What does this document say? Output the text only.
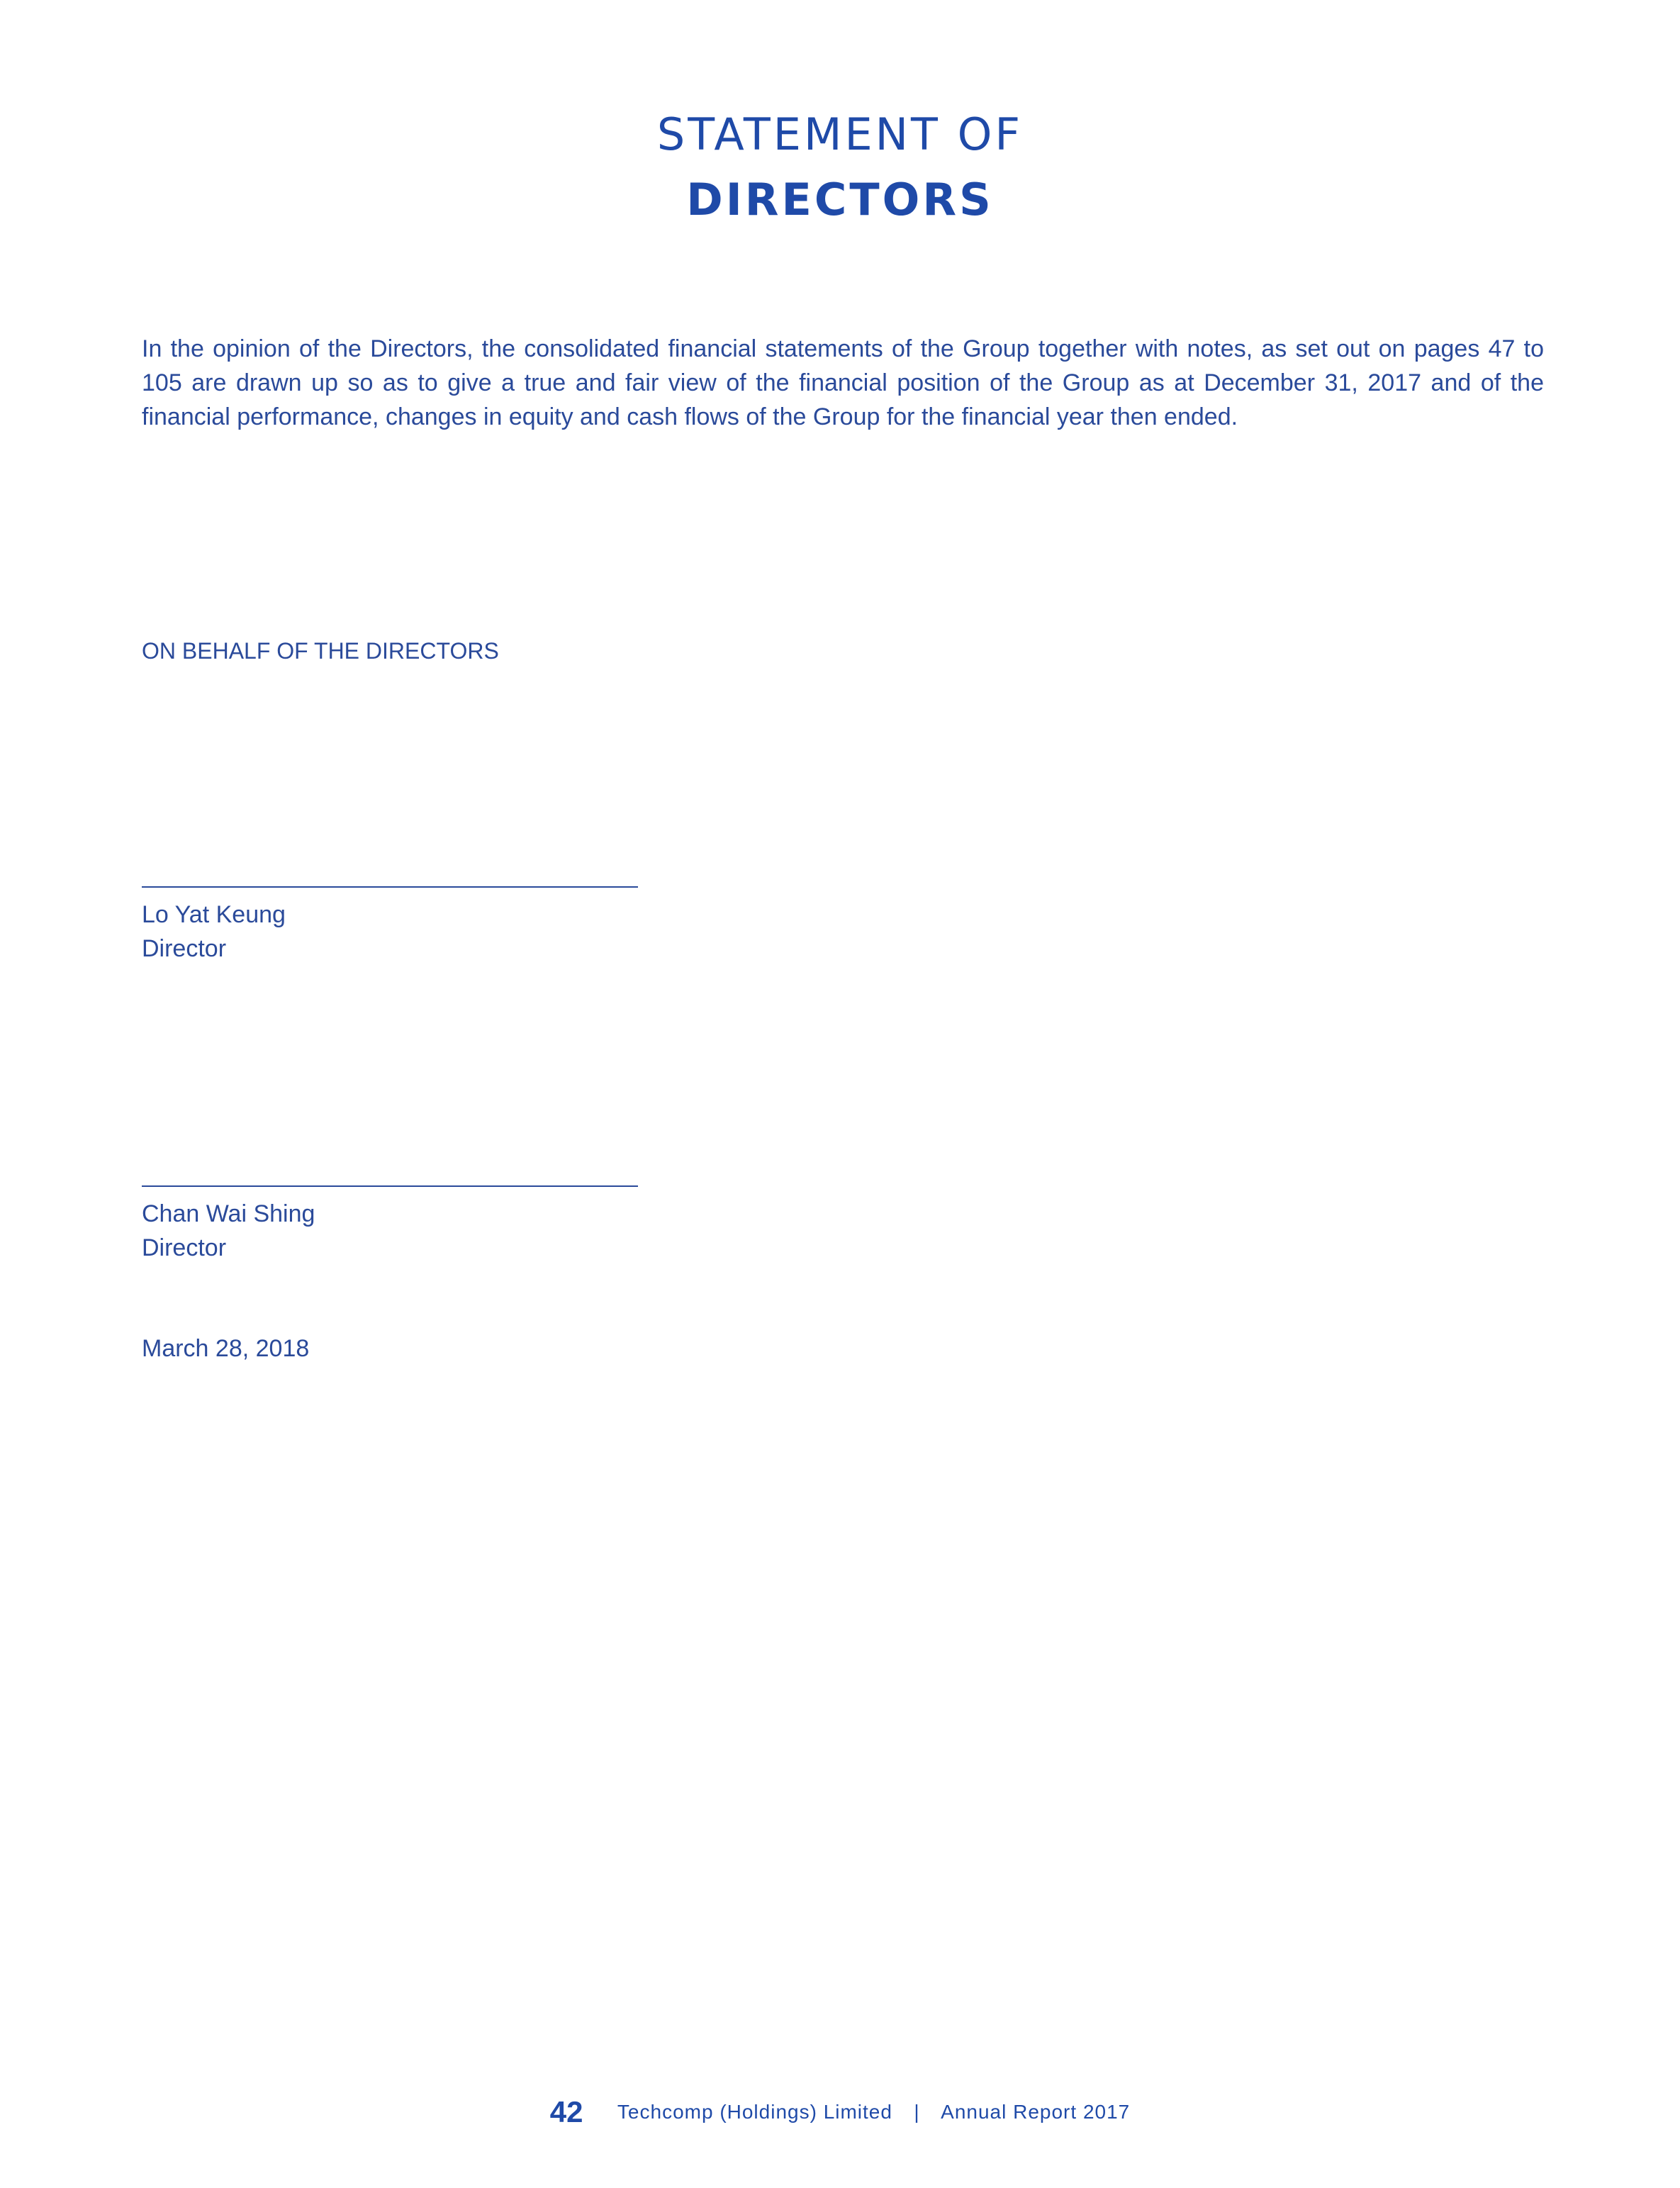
STATEMENT OF
DIRECTORS

In the opinion of the Directors, the consolidated financial statements of the Group together with notes, as set out on pages 47 to 105 are drawn up so as to give a true and fair view of the financial position of the Group as at December 31, 2017 and of the financial performance, changes in equity and cash flows of the Group for the financial year then ended.

ON BEHALF OF THE DIRECTORS

Lo Yat Keung

Director

Chan Wai Shing

Director

March 28, 2018

42 Techcomp (Holdings) Limited | Annual Report 2017
